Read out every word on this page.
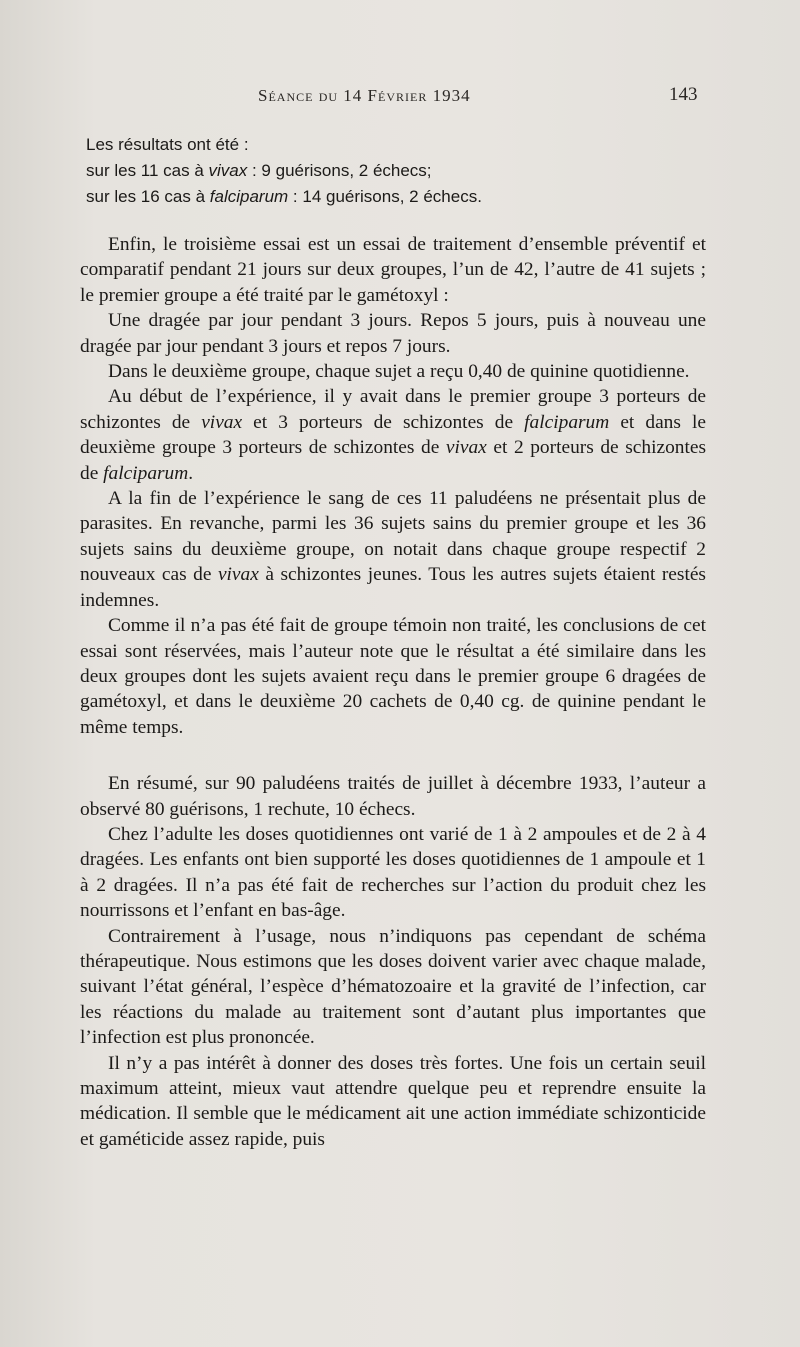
Séance du 14 Février 1934	143
Les résultats ont été :
sur les 11 cas à vivax : 9 guérisons, 2 échecs;
sur les 16 cas à falciparum : 14 guérisons, 2 échecs.

Enfin, le troisième essai est un essai de traitement d’ensemble préventif et comparatif pendant 21 jours sur deux groupes, l’un de 42, l’autre de 41 sujets ; le premier groupe a été traité par le gamétoxyl :

Une dragée par jour pendant 3 jours. Repos 5 jours, puis à nouveau une dragée par jour pendant 3 jours et repos 7 jours.

Dans le deuxième groupe, chaque sujet a reçu 0,40 de quinine quotidienne.

Au début de l’expérience, il y avait dans le premier groupe 3 porteurs de schizontes de vivax et 3 porteurs de schizontes de falciparum et dans le deuxième groupe 3 porteurs de schizontes de vivax et 2 porteurs de schizontes de falciparum.

A la fin de l’expérience le sang de ces 11 paludéens ne présentait plus de parasites. En revanche, parmi les 36 sujets sains du premier groupe et les 36 sujets sains du deuxième groupe, on notait dans chaque groupe respectif 2 nouveaux cas de vivax à schizontes jeunes. Tous les autres sujets étaient restés indemnes.

Comme il n’a pas été fait de groupe témoin non traité, les conclusions de cet essai sont réservées, mais l’auteur note que le résultat a été similaire dans les deux groupes dont les sujets avaient reçu dans le premier groupe 6 dragées de gamétoxyl, et dans le deuxième 20 cachets de 0,40 cg. de quinine pendant le même temps.

En résumé, sur 90 paludéens traités de juillet à décembre 1933, l’auteur a observé 80 guérisons, 1 rechute, 10 échecs.

Chez l’adulte les doses quotidiennes ont varié de 1 à 2 ampoules et de 2 à 4 dragées. Les enfants ont bien supporté les doses quotidiennes de 1 ampoule et 1 à 2 dragées. Il n’a pas été fait de recherches sur l’action du produit chez les nourrissons et l’enfant en bas-âge.

Contrairement à l’usage, nous n’indiquons pas cependant de schéma thérapeutique. Nous estimons que les doses doivent varier avec chaque malade, suivant l’état général, l’espèce d’hématozoaire et la gravité de l’infection, car les réactions du malade au traitement sont d’autant plus importantes que l’infection est plus prononcée.

Il n’y a pas intérêt à donner des doses très fortes. Une fois un certain seuil maximum atteint, mieux vaut attendre quelque peu et reprendre ensuite la médication. Il semble que le médicament ait une action immédiate schizonticide et gaméticide assez rapide, puis
